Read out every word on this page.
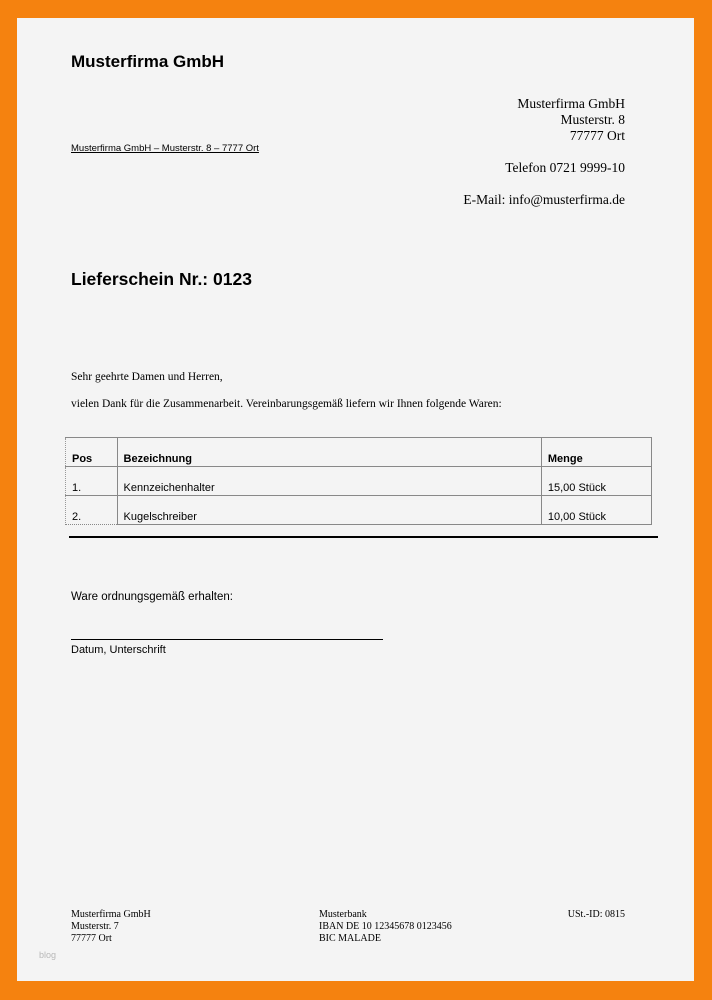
Musterfirma GmbH
Musterfirma GmbH
Musterstr. 8
77777 Ort
Musterfirma GmbH – Musterstr. 8 – 7777 Ort
Telefon 0721 9999-10
E-Mail: info@musterfirma.de
Lieferschein Nr.: 0123
Sehr geehrte Damen und Herren,
vielen Dank für die Zusammenarbeit. Vereinbarungsgemäß liefern wir Ihnen folgende Waren:
Pos	Bezeichnung	Menge
1.	Kennzeichenhalter	15,00 Stück
2.	Kugelschreiber	10,00 Stück
Ware ordnungsgemäß erhalten:
Datum, Unterschrift
Musterfirma GmbH
Musterstr. 7
77777 Ort
Musterbank
IBAN DE 10 12345678 0123456
BIC MALADE
USt.-ID: 0815
blog
